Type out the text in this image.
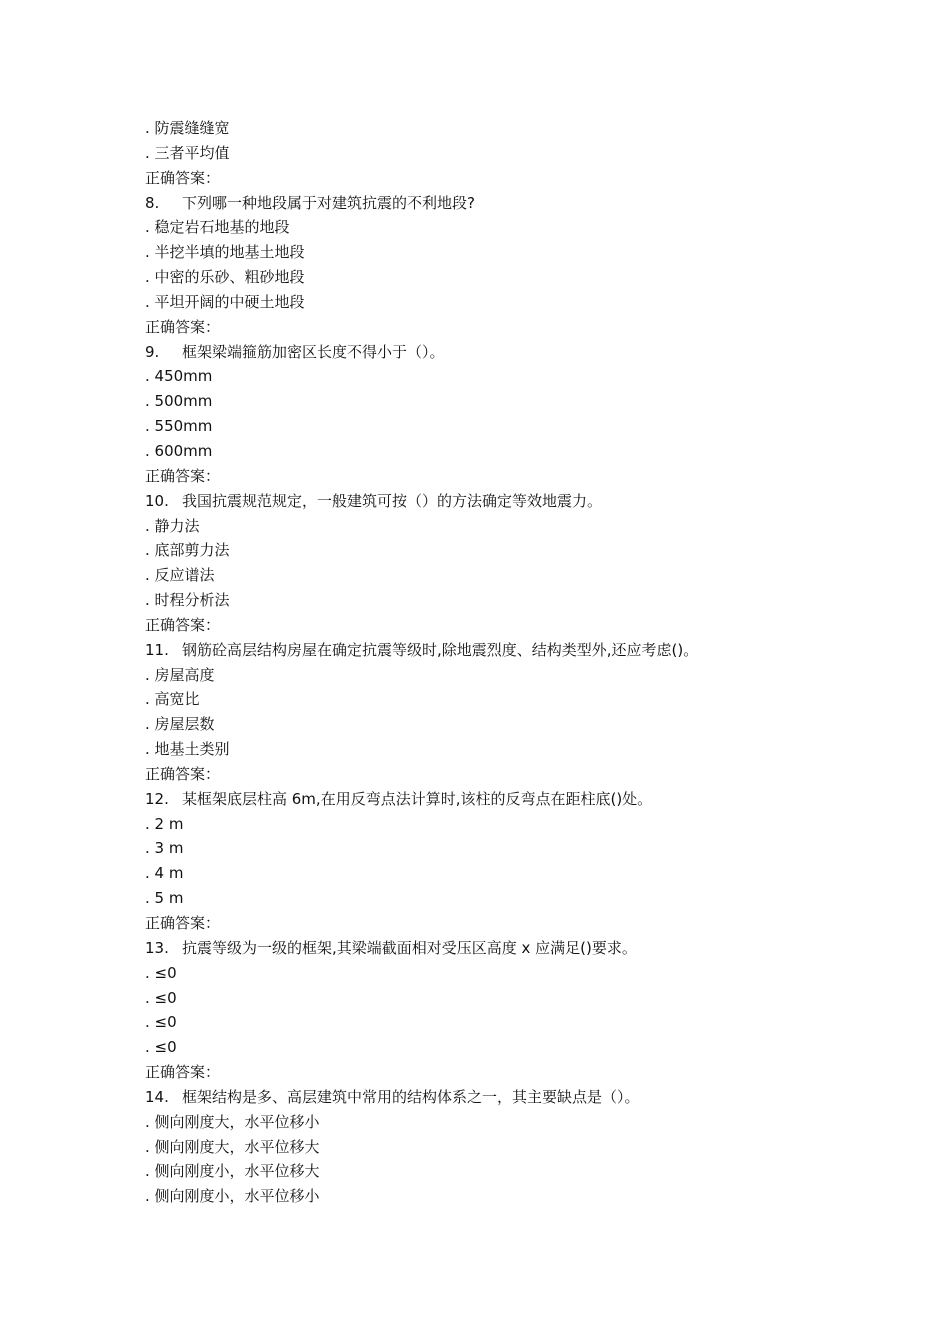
. 防震缝缝宽
. 三者平均值
正确答案：
8. 下列哪一种地段属于对建筑抗震的不利地段?
. 稳定岩石地基的地段
. 半挖半填的地基土地段
. 中密的乐砂、粗砂地段
. 平坦开阔的中硬土地段
正确答案：
9. 框架梁端箍筋加密区长度不得小于（）。
. 450mm
. 500mm
. 550mm
. 600mm
正确答案：
10. 我国抗震规范规定，一般建筑可按（）的方法确定等效地震力。
. 静力法
. 底部剪力法
. 反应谱法
. 时程分析法
正确答案：
11. 钢筋砼高层结构房屋在确定抗震等级时,除地震烈度、结构类型外,还应考虑()。
. 房屋高度
. 高宽比
. 房屋层数
. 地基土类别
正确答案：
12. 某框架底层柱高 6m,在用反弯点法计算时,该柱的反弯点在距柱底()处。
. 2 m
. 3 m
. 4 m
. 5 m
正确答案：
13. 抗震等级为一级的框架,其梁端截面相对受压区高度 x 应满足()要求。
. ≤0
. ≤0
. ≤0
. ≤0
正确答案：
14. 框架结构是多、高层建筑中常用的结构体系之一，其主要缺点是（）。
. 侧向刚度大，水平位移小
. 侧向刚度大，水平位移大
. 侧向刚度小，水平位移大
. 侧向刚度小，水平位移小
